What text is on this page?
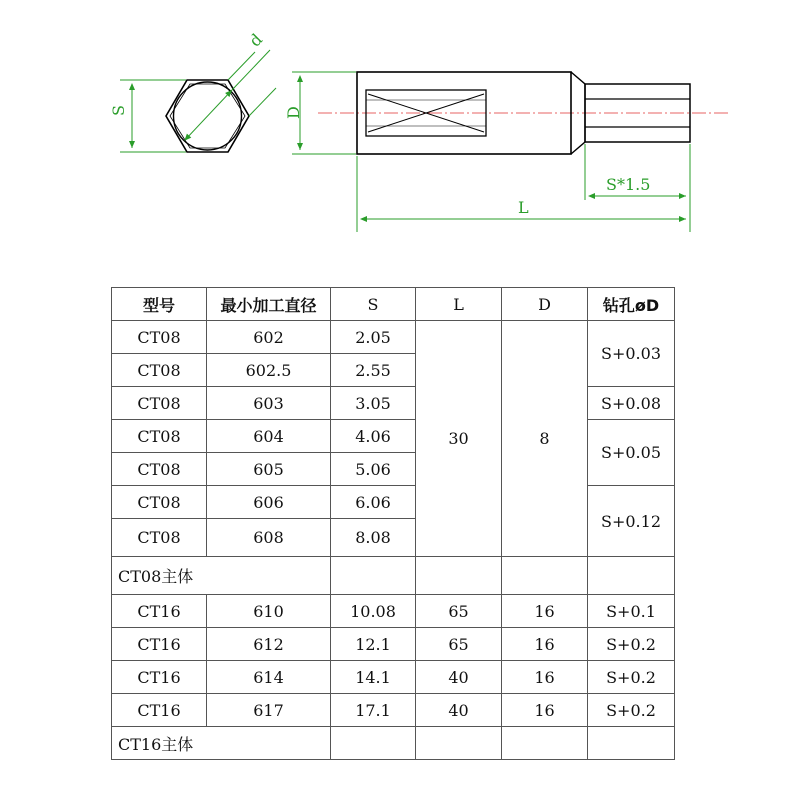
S
d
D
S*1.5
L
型号	最小加工直径	S	L	D	钻孔øD
CT08	602	2.05	30	8	S+0.03
CT08	602.5	2.55			
CT08	603	3.05			S+0.08
CT08	604	4.06			S+0.05
CT08	605	5.06			
CT08	606	6.06			S+0.12
CT08	608	8.08			
CT08主体					
CT16	610	10.08	65	16	S+0.1
CT16	612	12.1	65	16	S+0.2
CT16	614	14.1	40	16	S+0.2
CT16	617	17.1	40	16	S+0.2
CT16主体					
